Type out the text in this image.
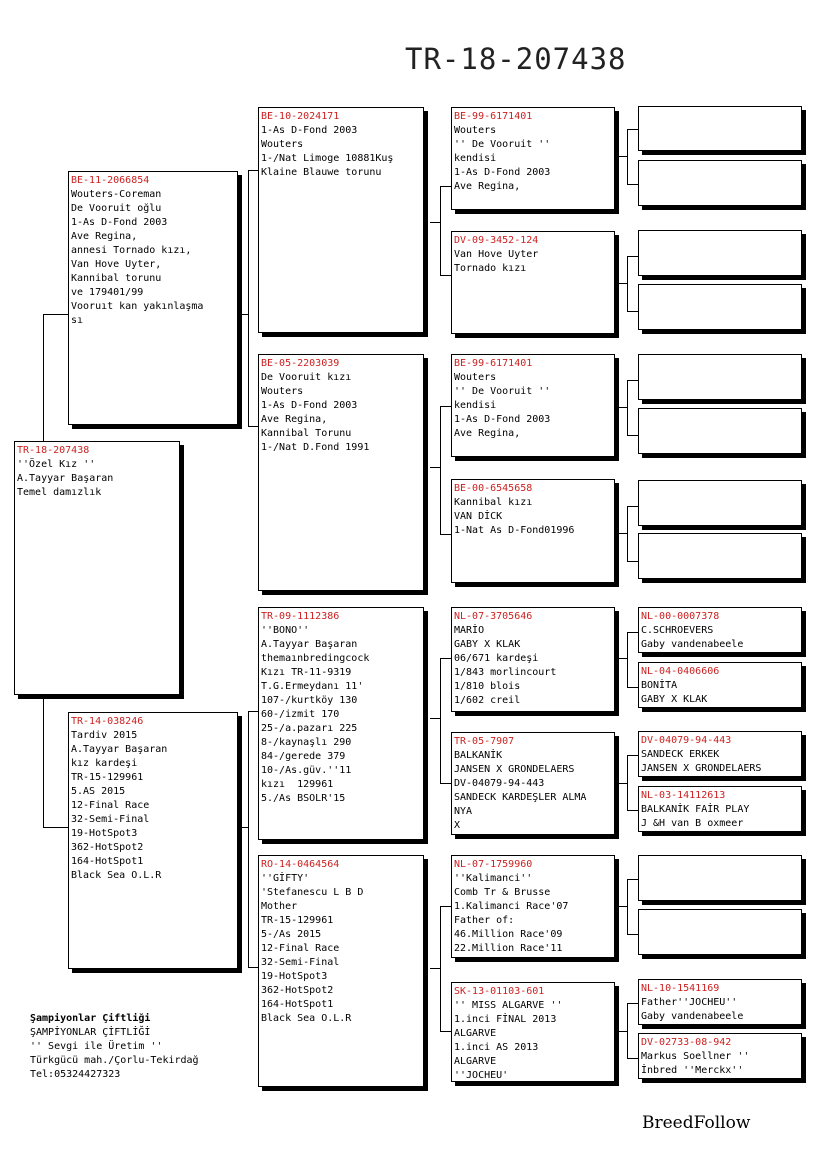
TR-18-207438
TR-18-207438
''Özel Kız ''
A.Tayyar Başaran
Temel damızlık
BE-11-2066854
Wouters-Coreman
De Vooruit oğlu
1-As D-Fond 2003
Ave Regina,
annesi Tornado kızı,
Van Hove Uyter,
Kannibal torunu
ve 179401/99
Vooruıt kan yakınlaşma
sı
TR-14-038246
Tardiv 2015
A.Tayyar Başaran
kız kardeşi
TR-15-129961
5.AS 2015
12-Final Race
32-Semi-Final
19-HotSpot3
362-HotSpot2
164-HotSpot1
Black Sea O.L.R
BE-10-2024171
1-As D-Fond 2003
Wouters
1-/Nat Limoge 10881Kuş
Klaine Blauwe torunu
BE-05-2203039
De Vooruit kızı
Wouters
1-As D-Fond 2003
Ave Regina,
Kannibal Torunu
1-/Nat D.Fond 1991
TR-09-1112386
''BONO''
A.Tayyar Başaran
themaınbredingcock
Kızı TR-11-9319
T.G.Ermeydanı 11'
107-/kurtköy 130
60-/izmit 170
25-/a.pazarı 225
8-/kaynaşlı 290
84-/gerede 379
10-/As.güv.''11
kızı  129961
5./As BSOLR'15
RO-14-0464564
''GİFTY'
'Stefanescu L B D
Mother
TR-15-129961
5-/As 2015
12-Final Race
32-Semi-Final
19-HotSpot3
362-HotSpot2
164-HotSpot1
Black Sea O.L.R
BE-99-6171401
Wouters
'' De Vooruit ''
kendisi
1-As D-Fond 2003
Ave Regina,
DV-09-3452-124
Van Hove Uyter
Tornado kızı
BE-99-6171401
Wouters
'' De Vooruit ''
kendisi
1-As D-Fond 2003
Ave Regina,
BE-00-6545658
Kannibal kızı
VAN DİCK
1-Nat As D-Fond01996
NL-07-3705646
MARİO
GABY X KLAK
06/671 kardeşi
1/843 morlincourt
1/810 blois
1/602 creil
TR-05-7907
BALKANİK
JANSEN X GRONDELAERS
DV-04079-94-443
SANDECK KARDEŞLER ALMA
NYA
X
NL-07-1759960
''Kalimanci''
Comb Tr & Brusse
1.Kalimanci Race'07
Father of:
46.Million Race'09
22.Million Race'11
SK-13-01103-601
'' MISS ALGARVE ''
1.inci FİNAL 2013
ALGARVE
1.inci AS 2013
ALGARVE
''JOCHEU'
NL-00-0007378
C.SCHROEVERS
Gaby vandenabeele
NL-04-0406606
BONİTA
GABY X KLAK
DV-04079-94-443
SANDECK ERKEK
JANSEN X GRONDELAERS
NL-03-14112613
BALKANİK FAİR PLAY
J &H van B oxmeer
NL-10-1541169
Father''JOCHEU''
Gaby vandenabeele
DV-02733-08-942
Markus Soellner ''
İnbred ''Merckx''
Şampiyonlar Çiftliği
ŞAMPİYONLAR ÇİFTLİĞİ
'' Sevgi ile Üretim ''
Türkgücü mah./Çorlu-Tekirdağ
Tel:05324427323
BreedFollow
